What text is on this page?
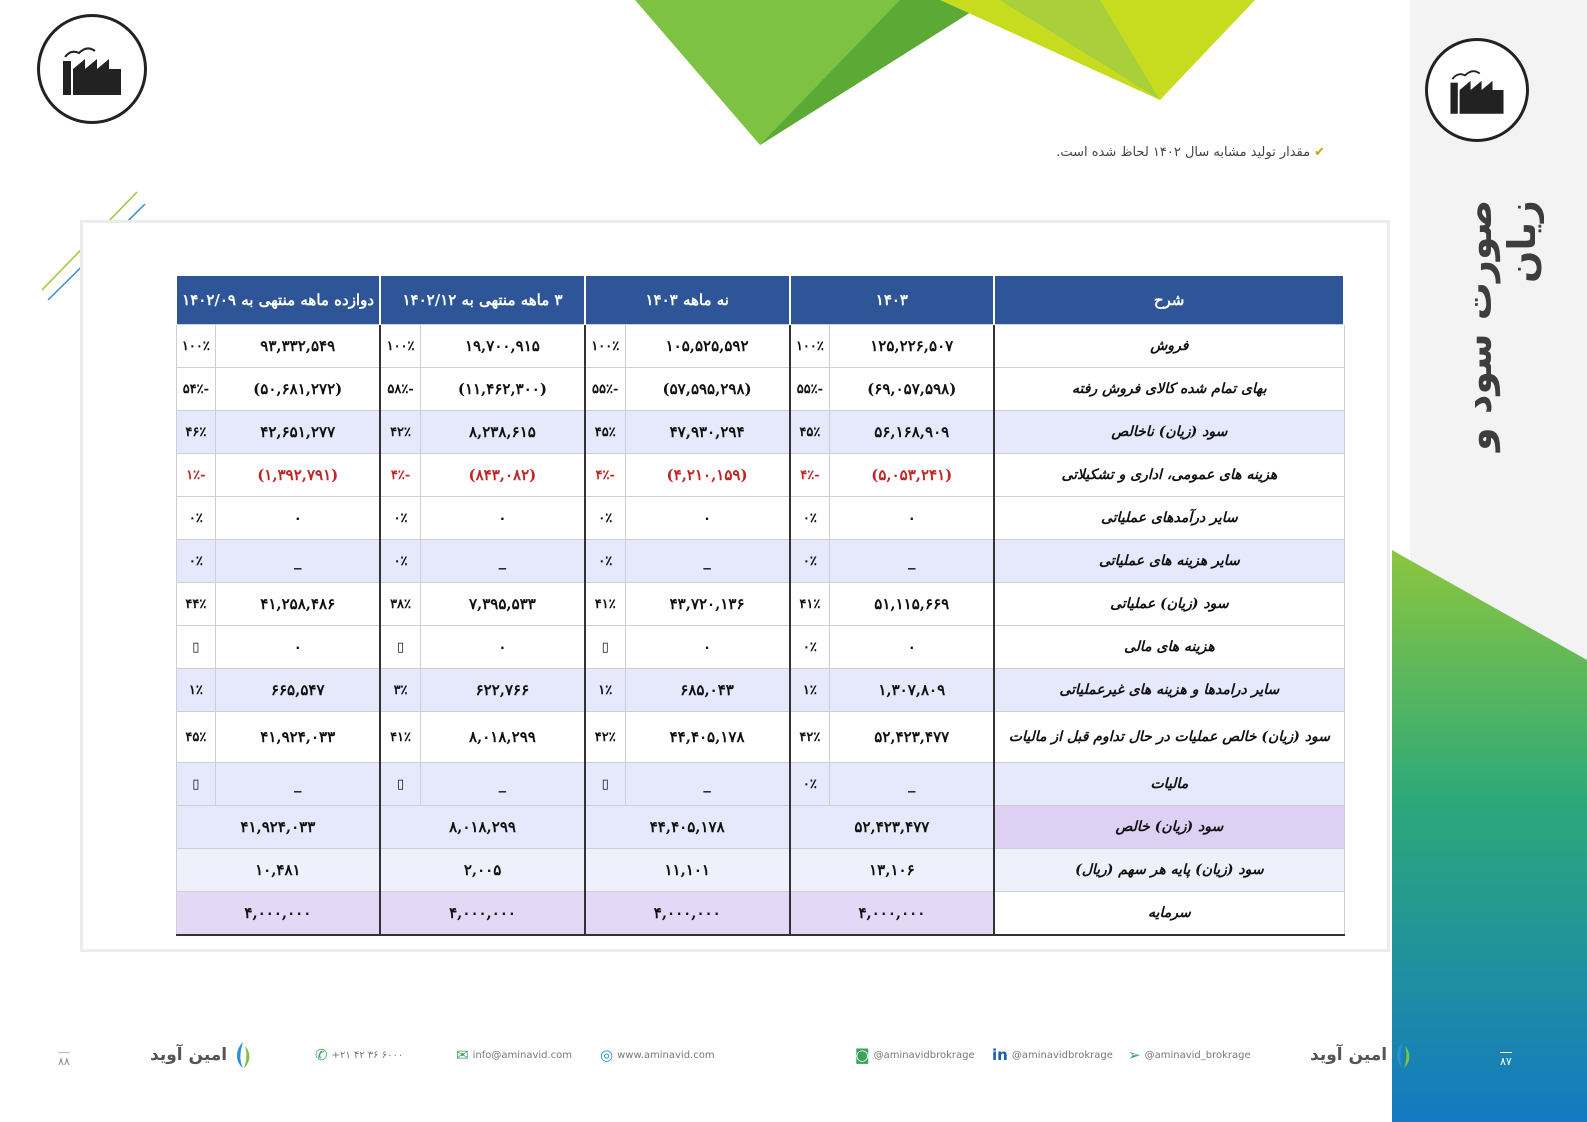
صورت سود و زیان
✔مقدار تولید مشابه سال ۱۴۰۲ لحاظ شده است.
شرح	۱۴۰۳		نه ماهه ۱۴۰۳		۳ ماهه منتهی به ۱۴۰۲/۱۲		دوازده ماهه منتهی به ۱۴۰۲/۰۹	
فروش	۱۲۵,۲۲۶,۵۰۷	۱۰۰٪	۱۰۵,۵۲۵,۵۹۲	۱۰۰٪	۱۹,۷۰۰,۹۱۵	۱۰۰٪	۹۳,۳۳۲,۵۴۹	۱۰۰٪
بهای تمام شده کالای فروش رفته	(۶۹,۰۵۷,۵۹۸)	-۵۵٪	(۵۷,۵۹۵,۲۹۸)	-۵۵٪	(۱۱,۴۶۲,۳۰۰)	-۵۸٪	(۵۰,۶۸۱,۲۷۲)	-۵۴٪
سود (زیان) ناخالص	۵۶,۱۶۸,۹۰۹	۴۵٪	۴۷,۹۳۰,۲۹۴	۴۵٪	۸,۲۳۸,۶۱۵	۴۲٪	۴۲,۶۵۱,۲۷۷	۴۶٪
هزینه های عمومی، اداری و تشکیلاتی	(۵,۰۵۳,۲۴۱)	-۴٪	(۴,۲۱۰,۱۵۹)	-۴٪	(۸۴۳,۰۸۲)	-۴٪	(۱,۳۹۲,۷۹۱)	-۱٪
سایر درآمدهای عملیاتی	۰	۰٪	۰	۰٪	۰	۰٪	۰	۰٪
سایر هزینه های عملیاتی	_	۰٪	_	۰٪	_	۰٪	_	۰٪
سود (زیان) عملیاتی	۵۱,۱۱۵,۶۶۹	۴۱٪	۴۳,۷۲۰,۱۳۶	۴۱٪	۷,۳۹۵,۵۳۳	۳۸٪	۴۱,۲۵۸,۴۸۶	۴۴٪
هزینه های مالی	۰	۰٪	۰	▯	۰	▯	۰	▯
سایر درامدها و هزینه های غیرعملیاتی	۱,۳۰۷,۸۰۹	۱٪	۶۸۵,۰۴۳	۱٪	۶۲۲,۷۶۶	۳٪	۶۶۵,۵۴۷	۱٪
سود (زیان) خالص عملیات در حال تداوم قبل از مالیات	۵۲,۴۲۳,۴۷۷	۴۲٪	۴۴,۴۰۵,۱۷۸	۴۲٪	۸,۰۱۸,۲۹۹	۴۱٪	۴۱,۹۲۴,۰۳۳	۴۵٪
مالیات	_	۰٪	_	▯	_	▯	_	▯
سود (زیان) خالص	۵۲,۴۲۳,۴۷۷		۴۴,۴۰۵,۱۷۸		۸,۰۱۸,۲۹۹		۴۱,۹۲۴,۰۳۳	
سود (زیان) پایه هر سهم (ریال)	۱۳,۱۰۶		۱۱,۱۰۱		۲,۰۰۵		۱۰,۴۸۱	
سرمایه	۴,۰۰۰,۰۰۰		۴,۰۰۰,۰۰۰		۴,۰۰۰,۰۰۰		۴,۰۰۰,۰۰۰	
۸۸	امین آوید	✆ +۲۱ ۴۲ ۳۶ ۶۰۰۰	✉ info@aminavid.com ◎ www.aminavid.com	◙ @aminavidbrokrage in @aminavidbrokrage ➢ @aminavid_brokrage	امین آوید	۸۷
